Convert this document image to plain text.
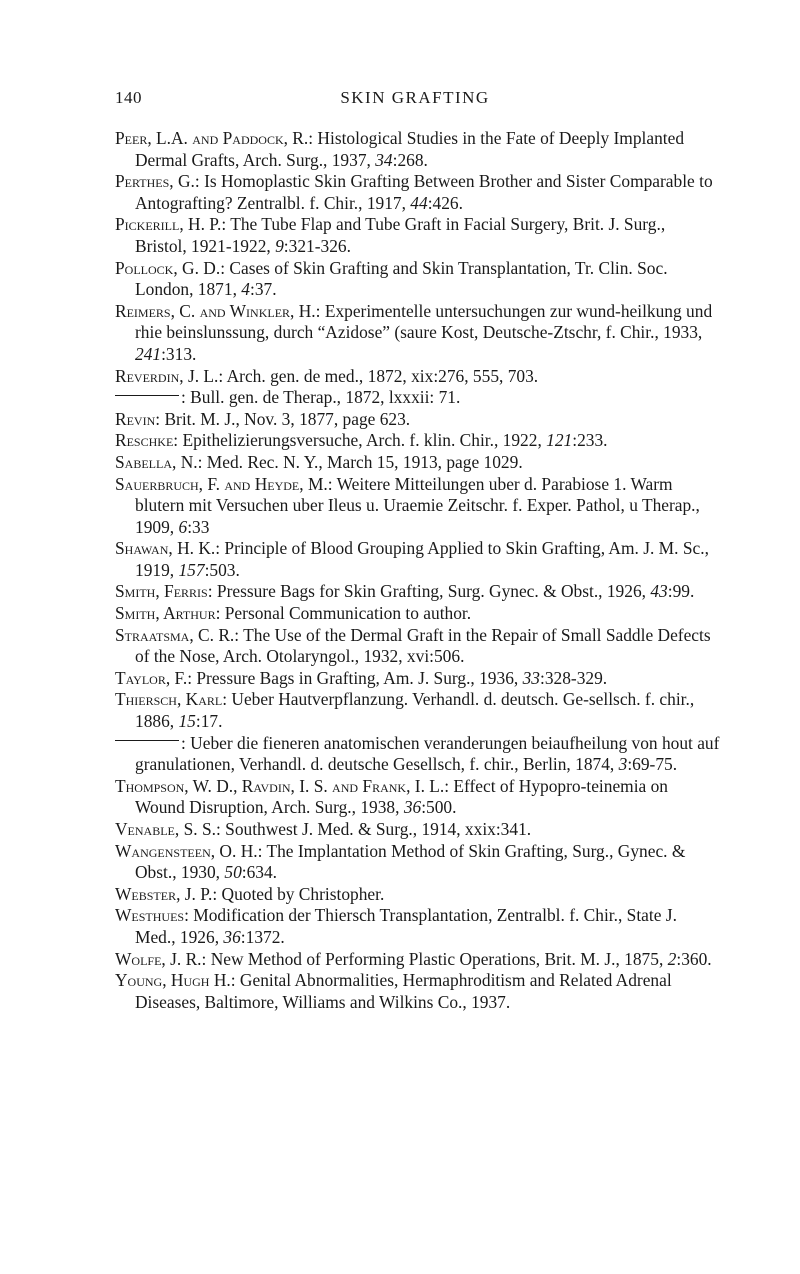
140	SKIN GRAFTING
Peer, L.A. and Paddock, R.: Histological Studies in the Fate of Deeply Implanted Dermal Grafts, Arch. Surg., 1937, 34:268.
Perthes, G.: Is Homoplastic Skin Grafting Between Brother and Sister Comparable to Antografting? Zentralbl. f. Chir., 1917, 44:426.
Pickerill, H. P.: The Tube Flap and Tube Graft in Facial Surgery, Brit. J. Surg., Bristol, 1921-1922, 9:321-326.
Pollock, G. D.: Cases of Skin Grafting and Skin Transplantation, Tr. Clin. Soc. London, 1871, 4:37.
Reimers, C. and Winkler, H.: Experimentelle untersuchungen zur wund-heilkung und rhie beinslunssung, durch “Azidose” (saure Kost, Deutsche-Ztschr, f. Chir., 1933, 241:313.
Reverdin, J. L.: Arch. gen. de med., 1872, xix:276, 555, 703.
: Bull. gen. de Therap., 1872, lxxxii: 71.
Revin: Brit. M. J., Nov. 3, 1877, page 623.
Reschke: Epithelizierungsversuche, Arch. f. klin. Chir., 1922, 121:233.
Sabella, N.: Med. Rec. N. Y., March 15, 1913, page 1029.
Sauerbruch, F. and Heyde, M.: Weitere Mitteilungen uber d. Parabiose 1. Warm blutern mit Versuchen uber Ileus u. Uraemie Zeitschr. f. Exper. Pathol, u Therap., 1909, 6:33
Shawan, H. K.: Principle of Blood Grouping Applied to Skin Grafting, Am. J. M. Sc., 1919, 157:503.
Smith, Ferris: Pressure Bags for Skin Grafting, Surg. Gynec. & Obst., 1926, 43:99.
Smith, Arthur: Personal Communication to author.
Straatsma, C. R.: The Use of the Dermal Graft in the Repair of Small Saddle Defects of the Nose, Arch. Otolaryngol., 1932, xvi:506.
Taylor, F.: Pressure Bags in Grafting, Am. J. Surg., 1936, 33:328-329.
Thiersch, Karl: Ueber Hautverpflanzung. Verhandl. d. deutsch. Ge-sellsch. f. chir., 1886, 15:17.
: Ueber die fieneren anatomischen veranderungen beiaufheilung von hout auf granulationen, Verhandl. d. deutsche Gesellsch, f. chir., Berlin, 1874, 3:69-75.
Thompson, W. D., Ravdin, I. S. and Frank, I. L.: Effect of Hypopro-teinemia on Wound Disruption, Arch. Surg., 1938, 36:500.
Venable, S. S.: Southwest J. Med. & Surg., 1914, xxix:341.
Wangensteen, O. H.: The Implantation Method of Skin Grafting, Surg., Gynec. & Obst., 1930, 50:634.
Webster, J. P.: Quoted by Christopher.
Westhues: Modification der Thiersch Transplantation, Zentralbl. f. Chir., State J. Med., 1926, 36:1372.
Wolfe, J. R.: New Method of Performing Plastic Operations, Brit. M. J., 1875, 2:360.
Young, Hugh H.: Genital Abnormalities, Hermaphroditism and Related Adrenal Diseases, Baltimore, Williams and Wilkins Co., 1937.
